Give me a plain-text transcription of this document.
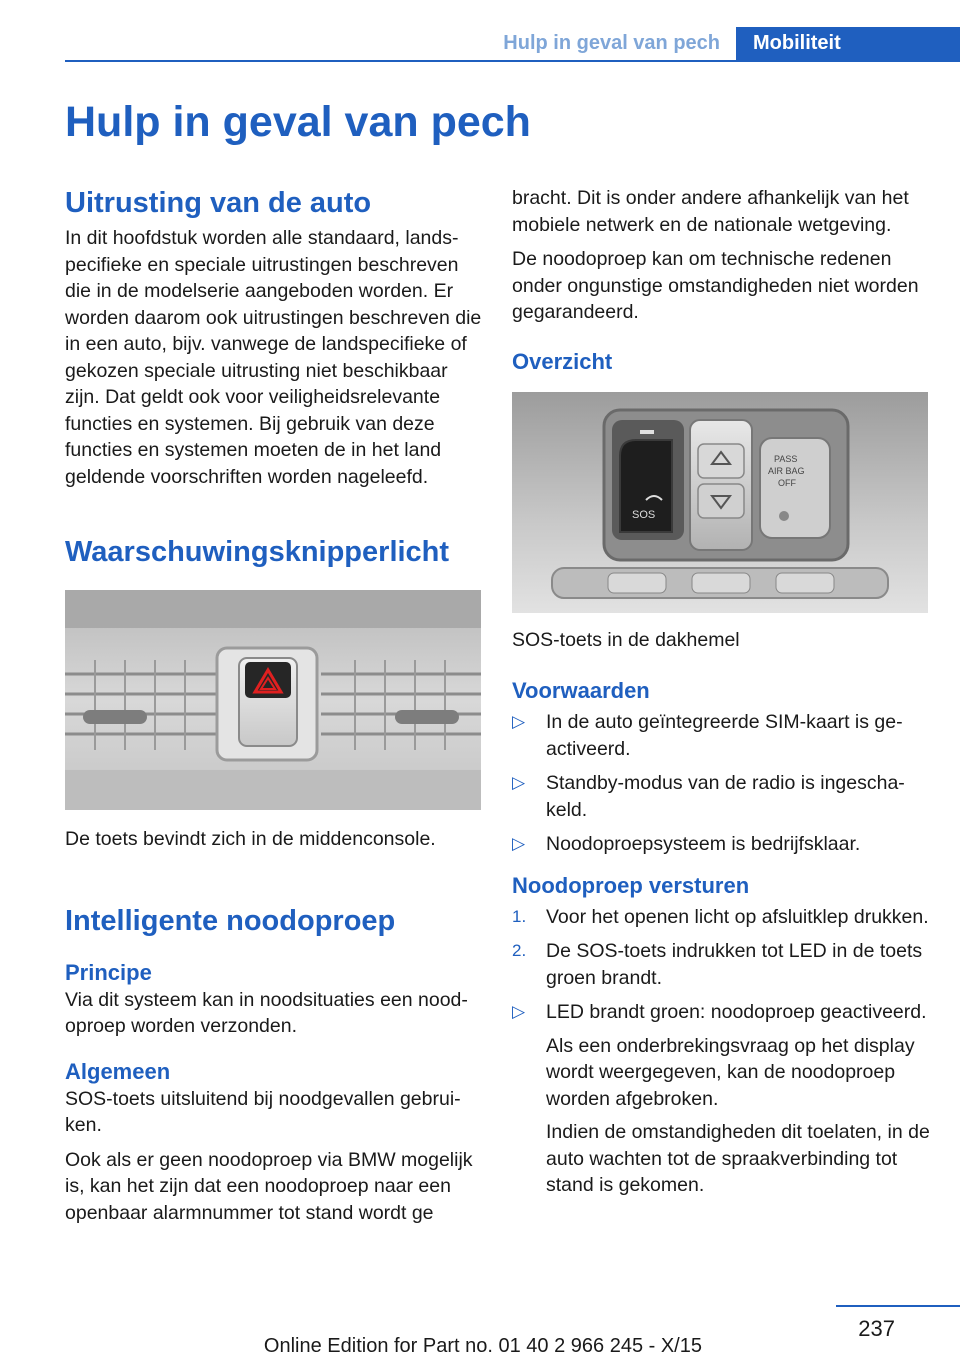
Hulp in geval van pech	Mobiliteit
Hulp in geval van pech
Uitrusting van de auto

In dit hoofdstuk worden alle standaard, landspecifieke en speciale uitrustingen beschreven die in de modelserie aangeboden worden. Er worden daarom ook uitrustingen beschreven die in een auto, bijv. vanwege de landspecifieke of gekozen speciale uitrusting niet beschikbaar zijn. Dat geldt ook voor veiligheidsrelevante functies en systemen. Bij gebruik van deze functies en systemen moeten de in het land geldende voorschriften worden nageleefd.

Waarschuwingsknipperlicht

De toets bevindt zich in de middenconsole.

Intelligente noodoproep
Principe

Via dit systeem kan in noodsituaties een noodoproep worden verzonden.

Algemeen

SOS-toets uitsluitend bij noodgevallen gebruiken.

Ook als er geen noodoproep via BMW mogelijk is, kan het zijn dat een noodoproep naar een openbaar alarmnummer tot stand wordt ge

bracht. Dit is onder andere afhankelijk van het mobiele netwerk en de nationale wetgeving.

De noodoproep kan om technische redenen onder ongunstige omstandigheden niet worden gegarandeerd.

Overzicht
SOS
PASS
AIR BAG
OFF

SOS-toets in de dakhemel

Voorwaarden
▷ In de auto geïntegreerde SIM-kaart is geactiveerd.
▷ Standby-modus van de radio is ingeschakeld.
▷ Noodoproepsysteem is bedrijfsklaar.
Noodoproep versturen
1. Voor het openen licht op afsluitklep drukken.
2. De SOS-toets indrukken tot LED in de toets groen brandt.
▷ LED brandt groen: noodoproep geactiveerd.

Als een onderbrekingsvraag op het display wordt weergegeven, kan de noodoproep worden afgebroken.

Indien de omstandigheden dit toelaten, in de auto wachten tot de spraakverbinding tot stand is gekomen.

237
Online Edition for Part no. 01 40 2 966 245 - X/15
